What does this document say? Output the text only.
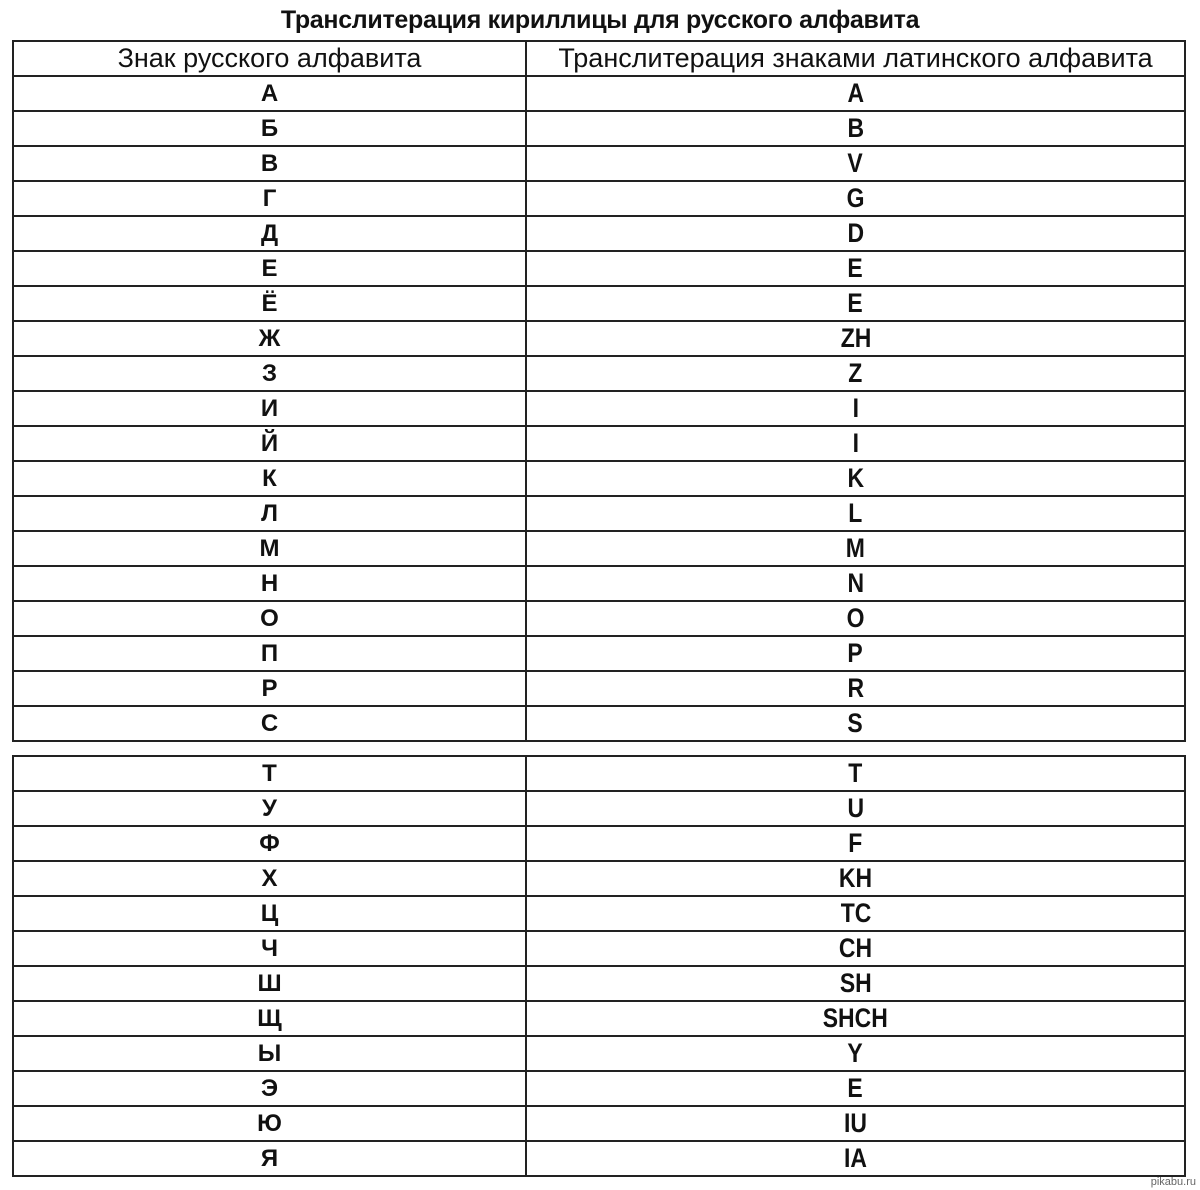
Транслитерация кириллицы для русского алфавита
Знак русского алфавита	Транслитерация знаками латинского алфавита
А	A
Б	B
В	V
Г	G
Д	D
Е	E
Ё	E
Ж	ZH
З	Z
И	I
Й	I
К	K
Л	L
М	M
Н	N
О	O
П	P
Р	R
С	S
Т	T
У	U
Ф	F
Х	KH
Ц	TC
Ч	CH
Ш	SH
Щ	SHCH
Ы	Y
Э	E
Ю	IU
Я	IA
pikabu.ru
